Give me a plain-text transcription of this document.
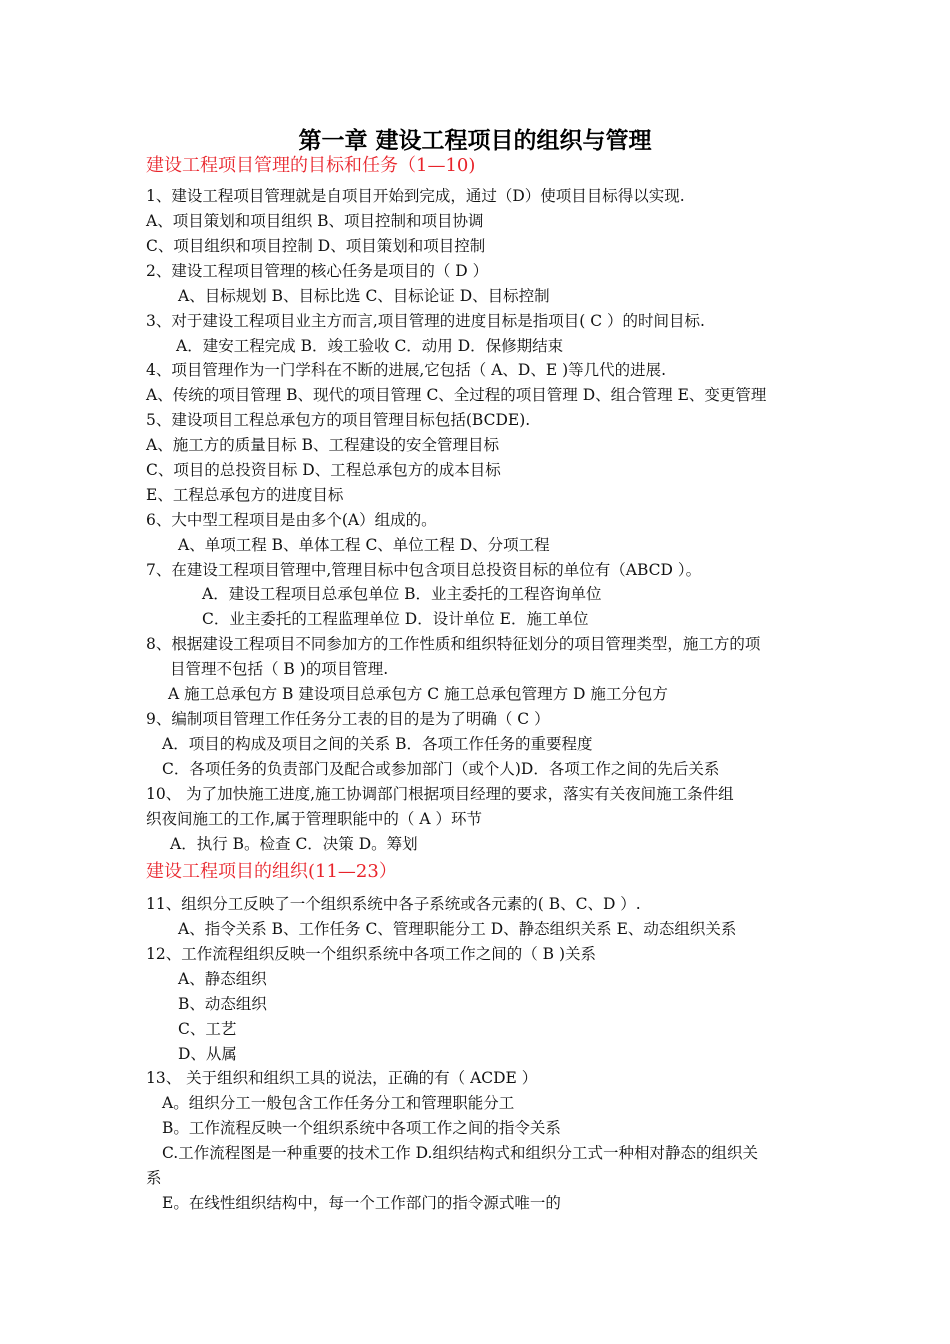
第一章 建设工程项目的组织与管理
建设工程项目管理的目标和任务（1—10)
1、建设工程项目管理就是自项目开始到完成，通过（D）使项目目标得以实现.
A、项目策划和项目组织 B、项目控制和项目协调
C、项目组织和项目控制 D、项目策划和项目控制
2、建设工程项目管理的核心任务是项目的（ D ）
A、目标规划 B、目标比选 C、目标论证 D、目标控制
3、对于建设工程项目业主方而言,项目管理的进度目标是指项目( C ）的时间目标.
A．建安工程完成 B．竣工验收 C．动用 D．保修期结束
4、项目管理作为一门学科在不断的进展,它包括（ A、D、E )等几代的进展.
A、传统的项目管理 B、现代的项目管理 C、全过程的项目管理 D、组合管理 E、变更管理
5、建设项目工程总承包方的项目管理目标包括(BCDE).
A、施工方的质量目标 B、工程建设的安全管理目标
C、项目的总投资目标 D、工程总承包方的成本目标
E、工程总承包方的进度目标
6、大中型工程项目是由多个(A）组成的。
A、单项工程 B、单体工程 C、单位工程 D、分项工程
7、在建设工程项目管理中,管理目标中包含项目总投资目标的单位有（ABCD ）。
A．建设工程项目总承包单位 B．业主委托的工程咨询单位
C．业主委托的工程监理单位 D．设计单位 E．施工单位
8、根据建设工程项目不同参加方的工作性质和组织特征划分的项目管理类型，施工方的项
目管理不包括（ B )的项目管理.
A 施工总承包方 B 建设项目总承包方 C 施工总承包管理方 D 施工分包方
9、编制项目管理工作任务分工表的目的是为了明确（ C ）
A．项目的构成及项目之间的关系 B．各项工作任务的重要程度
C．各项任务的负责部门及配合或参加部门（或个人)D．各项工作之间的先后关系
10、 为了加快施工进度,施工协调部门根据项目经理的要求，落实有关夜间施工条件组
织夜间施工的工作,属于管理职能中的（ A ）环节
A．执行 B。检查 C．决策 D。筹划
建设工程项目的组织(11—23）
11、组织分工反映了一个组织系统中各子系统或各元素的( B、C、D ）.
A、指令关系 B、工作任务 C、管理职能分工 D、静态组织关系 E、动态组织关系
12、工作流程组织反映一个组织系统中各项工作之间的（ B )关系
A、静态组织
B、动态组织
C、工艺
D、从属
13、 关于组织和组织工具的说法，正确的有（ ACDE ）
A。组织分工一般包含工作任务分工和管理职能分工
B。工作流程反映一个组织系统中各项工作之间的指令关系
C.工作流程图是一种重要的技术工作 D.组织结构式和组织分工式一种相对静态的组织关
系
E。在线性组织结构中，每一个工作部门的指令源式唯一的
